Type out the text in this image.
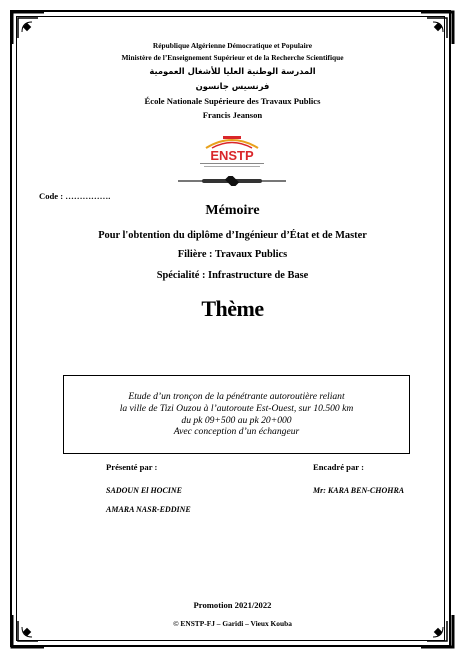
République Algérienne Démocratique et Populaire
Ministère de l’Enseignement Supérieur et de la Recherche Scientifique
المدرسة الوطنية العليا للأشغال العمومية
فرنسيس جانسون
École Nationale Supérieure des Travaux Publics
Francis Jeanson
ENSTP
Code : …………….
Mémoire
Pour l'obtention du diplôme d’Ingénieur d’État et de Master
Filière : Travaux Publics
Spécialité : Infrastructure de Base
Thème
Etude d’un tronçon de la pénétrante autoroutière reliant
la ville de Tizi Ouzou à l’autoroute Est-Ouest, sur 10.500 km
du pk 09+500 au pk 20+000
Avec conception d’un échangeur
Présenté par :
SADOUN El HOCINE
AMARA NASR-EDDINE
Encadré par :
Mr: KARA BEN-CHOHRA
Promotion 2021/2022
© ENSTP-FJ – Garidi – Vieux Kouba
